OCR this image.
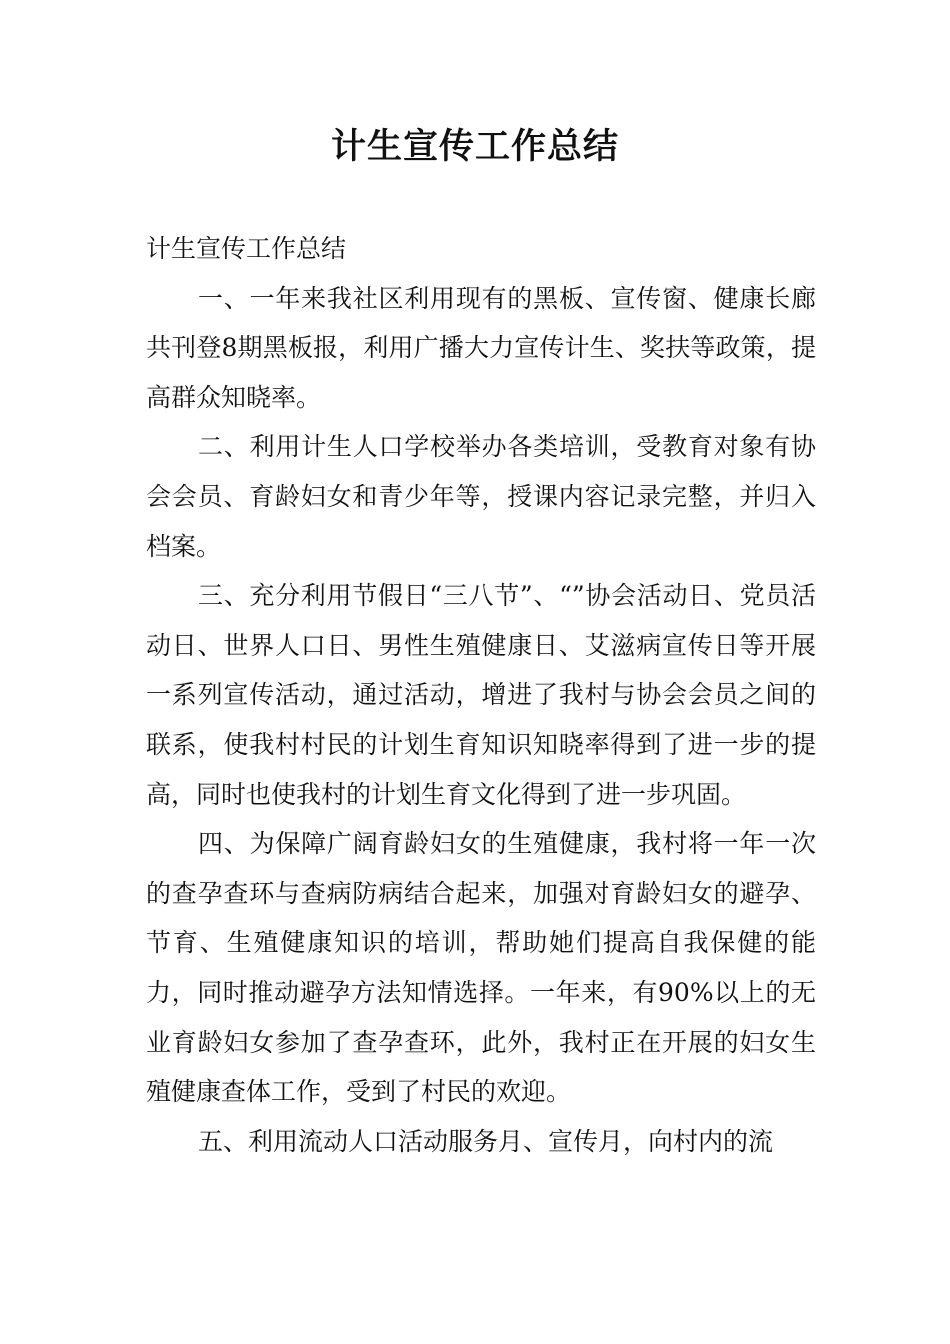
计生宣传工作总结

计生宣传工作总结

一、一年来我社区利用现有的黑板、宣传窗、健康长廊共刊登8期黑板报，利用广播大力宣传计生、奖扶等政策，提高群众知晓率。

二、利用计生人口学校举办各类培训，受教育对象有协会会员、育龄妇女和青少年等，授课内容记录完整，并归入档案。

三、充分利用节假日“三八节”、“”协会活动日、党员活动日、世界人口日、男性生殖健康日、艾滋病宣传日等开展一系列宣传活动，通过活动，增进了我村与协会会员之间的联系，使我村村民的计划生育知识知晓率得到了进一步的提高，同时也使我村的计划生育文化得到了进一步巩固。

四、为保障广阔育龄妇女的生殖健康，我村将一年一次的查孕查环与查病防病结合起来，加强对育龄妇女的避孕、节育、生殖健康知识的培训，帮助她们提高自我保健的能力，同时推动避孕方法知情选择。一年来，有90%以上的无业育龄妇女参加了查孕查环，此外，我村正在开展的妇女生殖健康查体工作，受到了村民的欢迎。

五、利用流动人口活动服务月、宣传月，向村内的流
